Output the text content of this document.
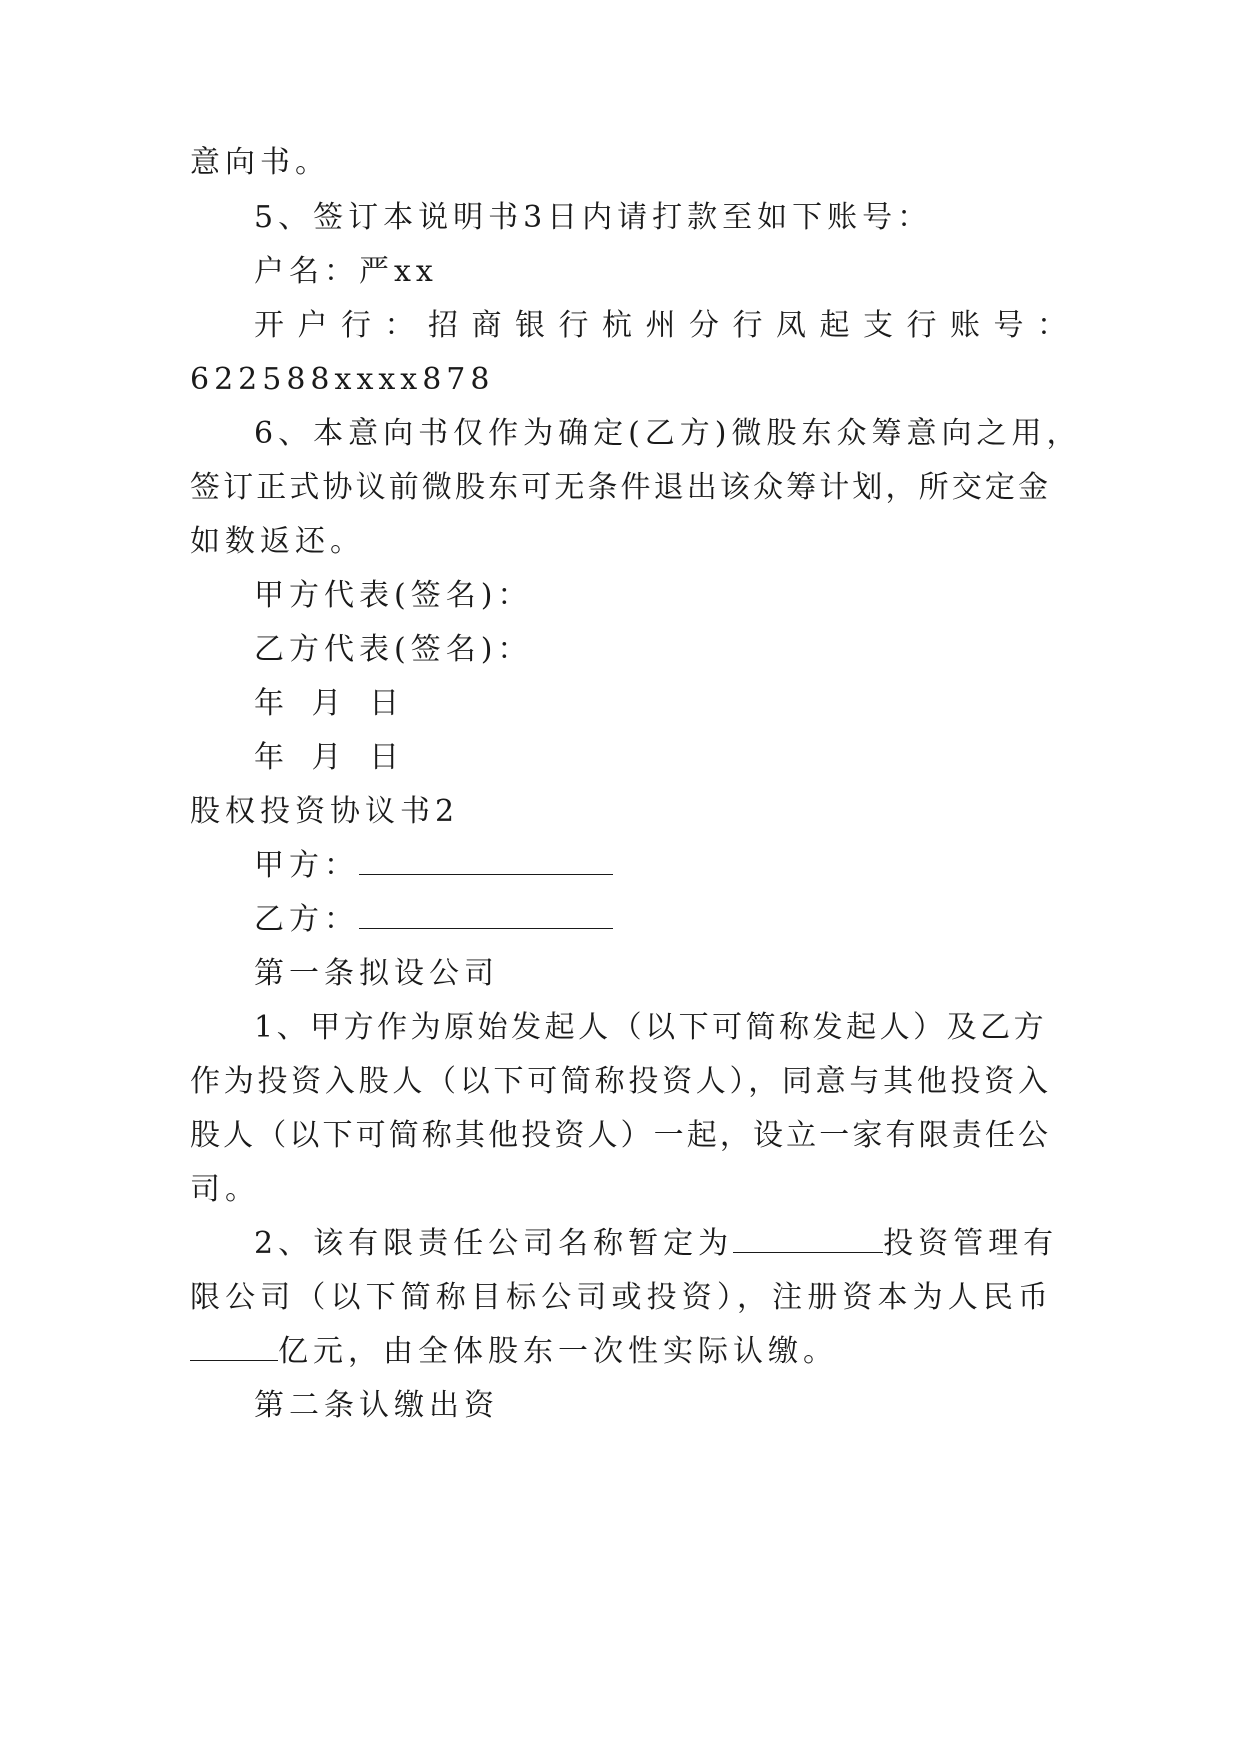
意向书。
5、签订本说明书3日内请打款至如下账号：
户名：严xx
开户行：招商银行杭州分行凤起支行账号：
622588xxxx878
6、本意向书仅作为确定(乙方)微股东众筹意向之用，
签订正式协议前微股东可无条件退出该众筹计划，所交定金
如数返还。
甲方代表(签名)：
乙方代表(签名)：
年 月 日
年 月 日
股权投资协议书2
甲方：
乙方：
第一条拟设公司
1、甲方作为原始发起人（以下可简称发起人）及乙方
作为投资入股人（以下可简称投资人），同意与其他投资入
股人（以下可简称其他投资人）一起，设立一家有限责任公
司。
2、该有限责任公司名称暂定为	投资管理有
限公司（以下简称目标公司或投资），注册资本为人民币
亿元，由全体股东一次性实际认缴。
第二条认缴出资
